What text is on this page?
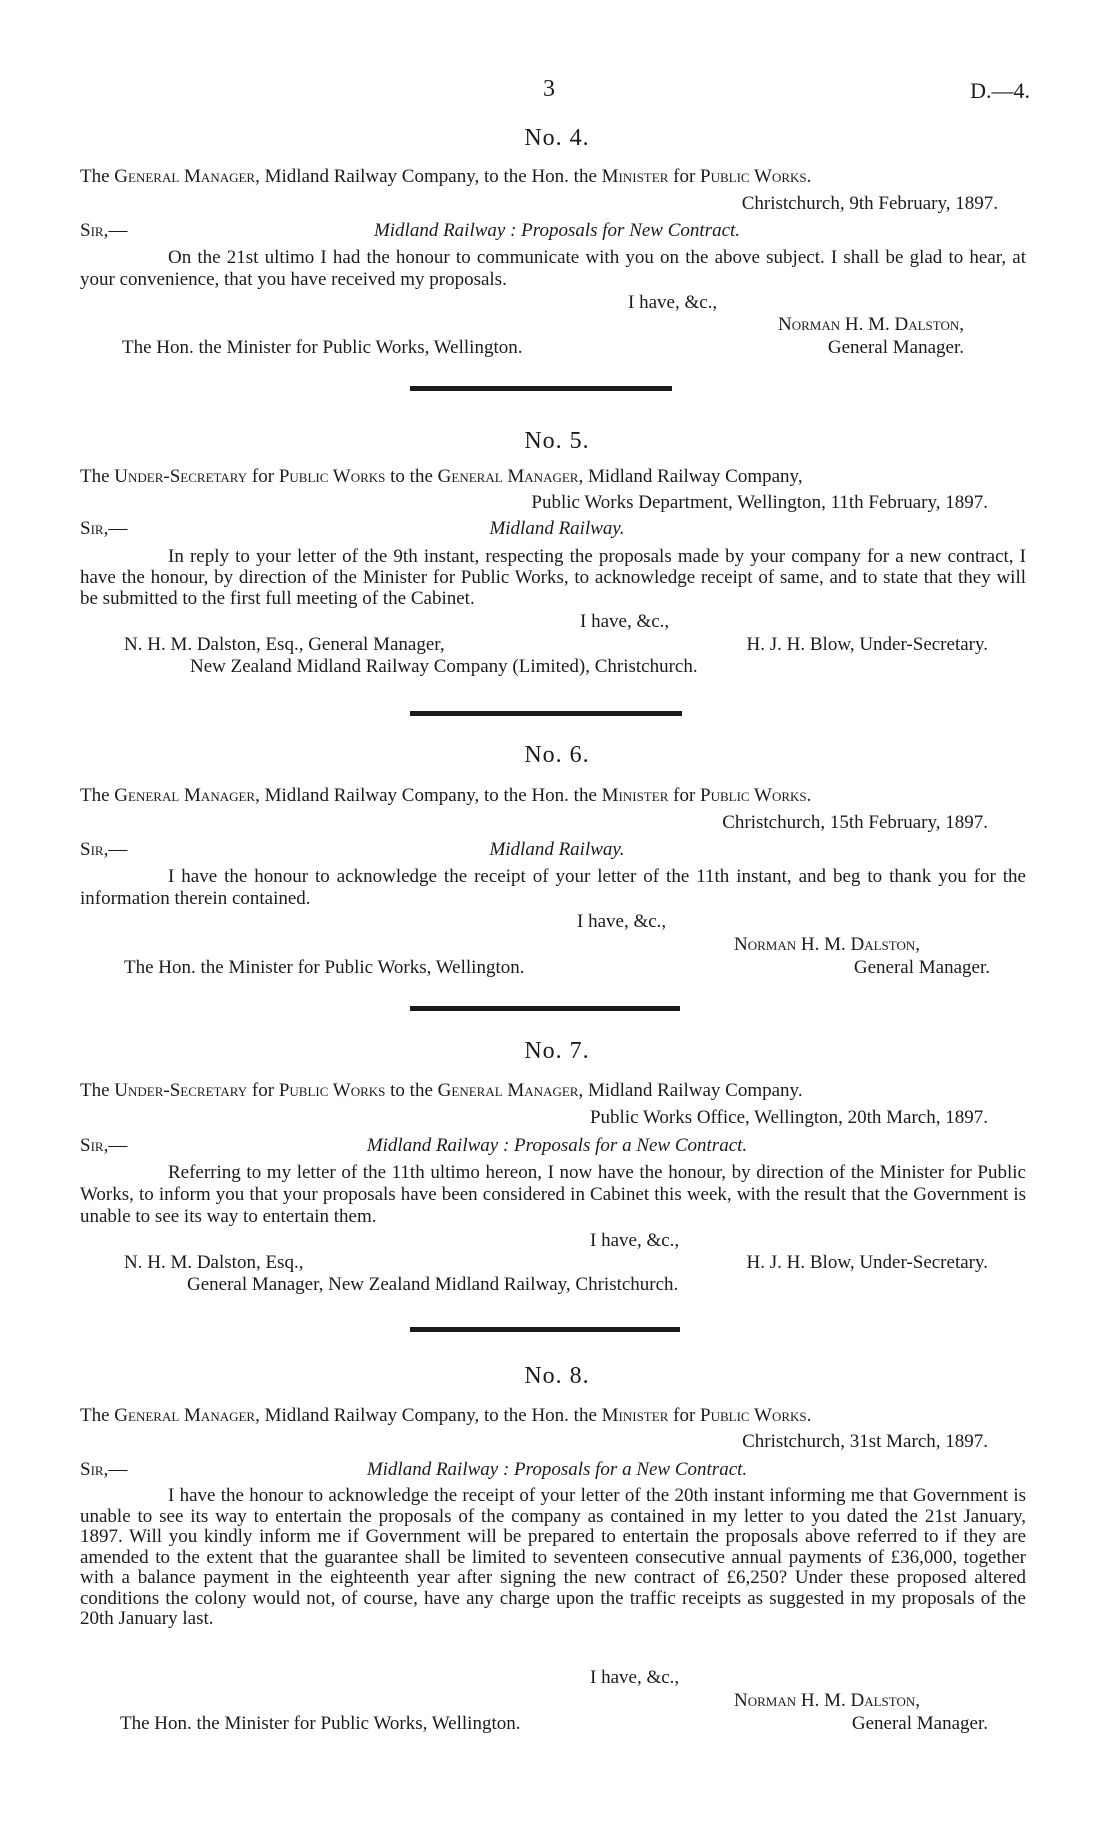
3	D.—4.
No. 4.
The General Manager, Midland Railway Company, to the Hon. the Minister for Public Works.
Christchurch, 9th February, 1897.
Sir,—	Midland Railway : Proposals for New Contract.
On the 21st ultimo I had the honour to communicate with you on the above subject. I shall be glad to hear, at your convenience, that you have received my proposals.
I have, &c.,
Norman H. M. Dalston,
The Hon. the Minister for Public Works, Wellington.	General Manager.
No. 5.
The Under-Secretary for Public Works to the General Manager, Midland Railway Company,
Public Works Department, Wellington, 11th February, 1897.
Sir,—	Midland Railway.
In reply to your letter of the 9th instant, respecting the proposals made by your company for a new contract, I have the honour, by direction of the Minister for Public Works, to acknowledge receipt of same, and to state that they will be submitted to the first full meeting of the Cabinet.
I have, &c.,
N. H. M. Dalston, Esq., General Manager,	H. J. H. Blow, Under-Secretary.
New Zealand Midland Railway Company (Limited), Christchurch.
No. 6.
The General Manager, Midland Railway Company, to the Hon. the Minister for Public Works.
Christchurch, 15th February, 1897.
Sir,—	Midland Railway.
I have the honour to acknowledge the receipt of your letter of the 11th instant, and beg to thank you for the information therein contained.
I have, &c.,
Norman H. M. Dalston,
The Hon. the Minister for Public Works, Wellington.	General Manager.
No. 7.
The Under-Secretary for Public Works to the General Manager, Midland Railway Company.
Public Works Office, Wellington, 20th March, 1897.
Sir,—	Midland Railway : Proposals for a New Contract.
Referring to my letter of the 11th ultimo hereon, I now have the honour, by direction of the Minister for Public Works, to inform you that your proposals have been considered in Cabinet this week, with the result that the Government is unable to see its way to entertain them.
I have, &c.,
N. H. M. Dalston, Esq.,	H. J. H. Blow, Under-Secretary.
General Manager, New Zealand Midland Railway, Christchurch.
No. 8.
The General Manager, Midland Railway Company, to the Hon. the Minister for Public Works.
Christchurch, 31st March, 1897.
Sir,—	Midland Railway : Proposals for a New Contract.
I have the honour to acknowledge the receipt of your letter of the 20th instant informing me that Government is unable to see its way to entertain the proposals of the company as contained in my letter to you dated the 21st January, 1897. Will you kindly inform me if Government will be prepared to entertain the proposals above referred to if they are amended to the extent that the guarantee shall be limited to seventeen consecutive annual payments of £36,000, together with a balance payment in the eighteenth year after signing the new contract of £6,250? Under these proposed altered conditions the colony would not, of course, have any charge upon the traffic receipts as suggested in my proposals of the 20th January last.
I have, &c.,
Norman H. M. Dalston,
The Hon. the Minister for Public Works, Wellington.	General Manager.
